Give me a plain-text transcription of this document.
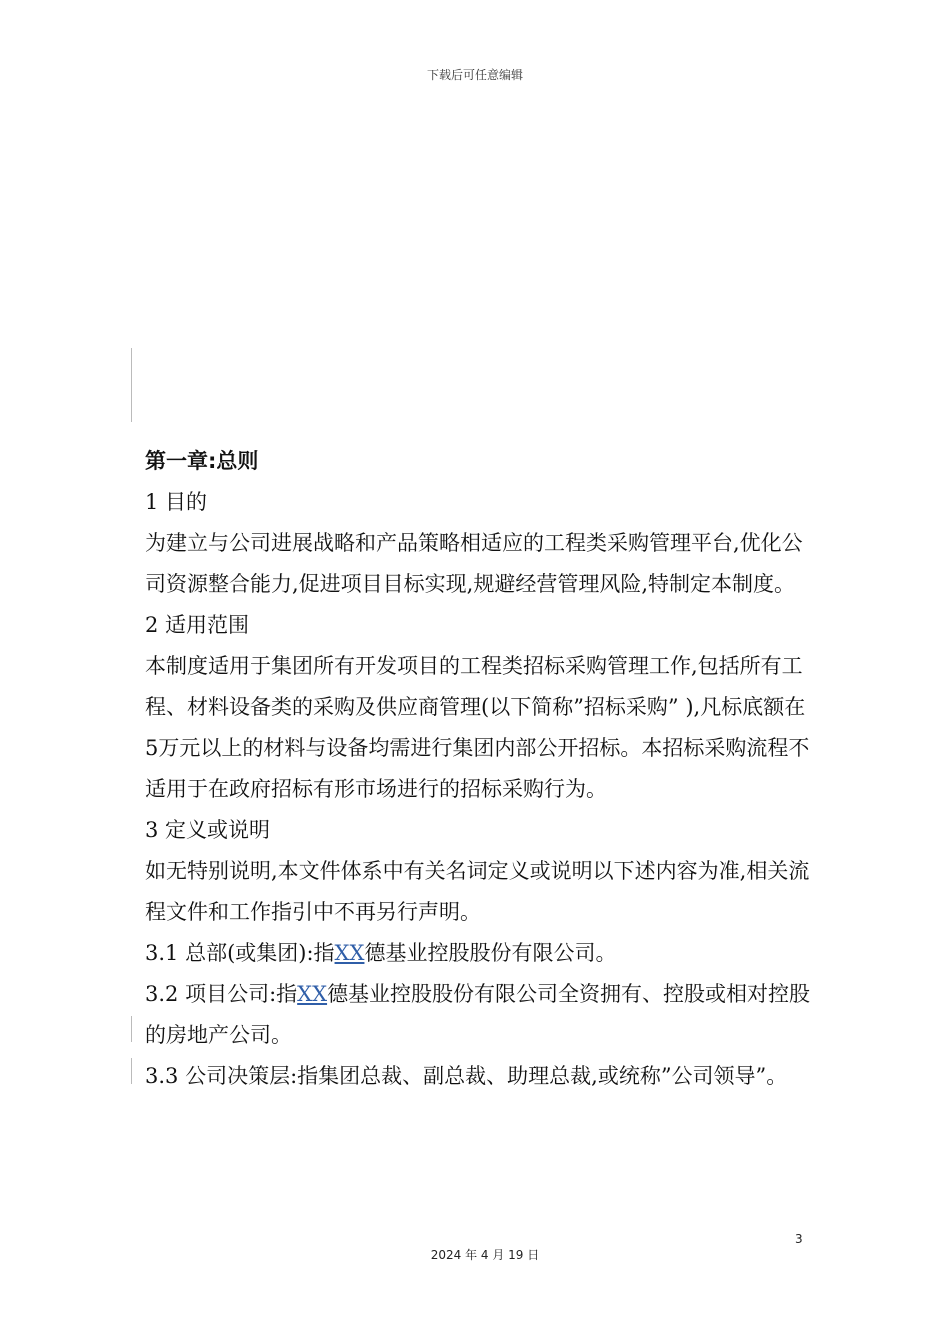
下载后可任意编辑

第一章:总则

1 目的

为建立与公司进展战略和产品策略相适应的工程类采购管理平台,优化公司资源整合能力,促进项目目标实现,规避经营管理风险,特制定本制度。

2 适用范围

本制度适用于集团所有开发项目的工程类招标采购管理工作,包括所有工程、材料设备类的采购及供应商管理(以下简称”招标采购” ),凡标底额在5万元以上的材料与设备均需进行集团内部公开招标。本招标采购流程不适用于在政府招标有形市场进行的招标采购行为。

3 定义或说明

如无特别说明,本文件体系中有关名词定义或说明以下述内容为准,相关流程文件和工作指引中不再另行声明。

3.1 总部(或集团):指XX德基业控股股份有限公司。

3.2 项目公司:指XX德基业控股股份有限公司全资拥有、控股或相对控股的房地产公司。

3.3 公司决策层:指集团总裁、副总裁、助理总裁,或统称”公司领导”。

3
2024 年 4 月 19 日
